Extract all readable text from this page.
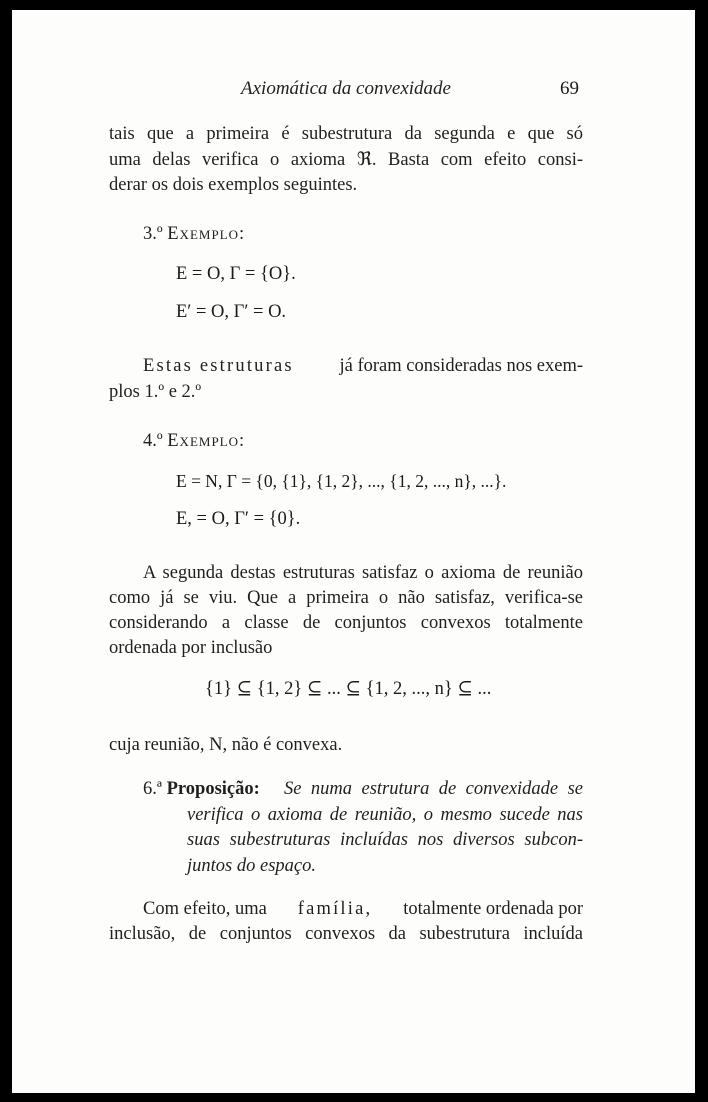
Axiomática da convexidade	69
tais que a primeira é subestrutura da segunda e que só
uma delas verifica o axioma ℜ. Basta com efeito consi-
derar os dois exemplos seguintes.
3.º Exemplo:
E = O, Γ = {O}.
E′ = O, Γ′ = O.
Estas estruturas já foram consideradas nos exem-
plos 1.º e 2.º
4.º Exemplo:
E = N, Γ = {0, {1}, {1, 2}, ..., {1, 2, ..., n}, ...}.
E, = O, Γ′ = {0}.
A segunda destas estruturas satisfaz o axioma de reunião
como já se viu. Que a primeira o não satisfaz, verifica-se
considerando a classe de conjuntos convexos totalmente
ordenada por inclusão
{1} ⊆ {1, 2} ⊆ ... ⊆ {1, 2, ..., n} ⊆ ...
cuja reunião, N, não é convexa.
6.ª Proposição: Se numa estrutura de convexidade se
verifica o axioma de reunião, o mesmo sucede nas
suas subestruturas incluídas nos diversos subcon-
juntos do espaço.
Com efeito, uma família, totalmente ordenada por
inclusão, de conjuntos convexos da subestrutura incluída
